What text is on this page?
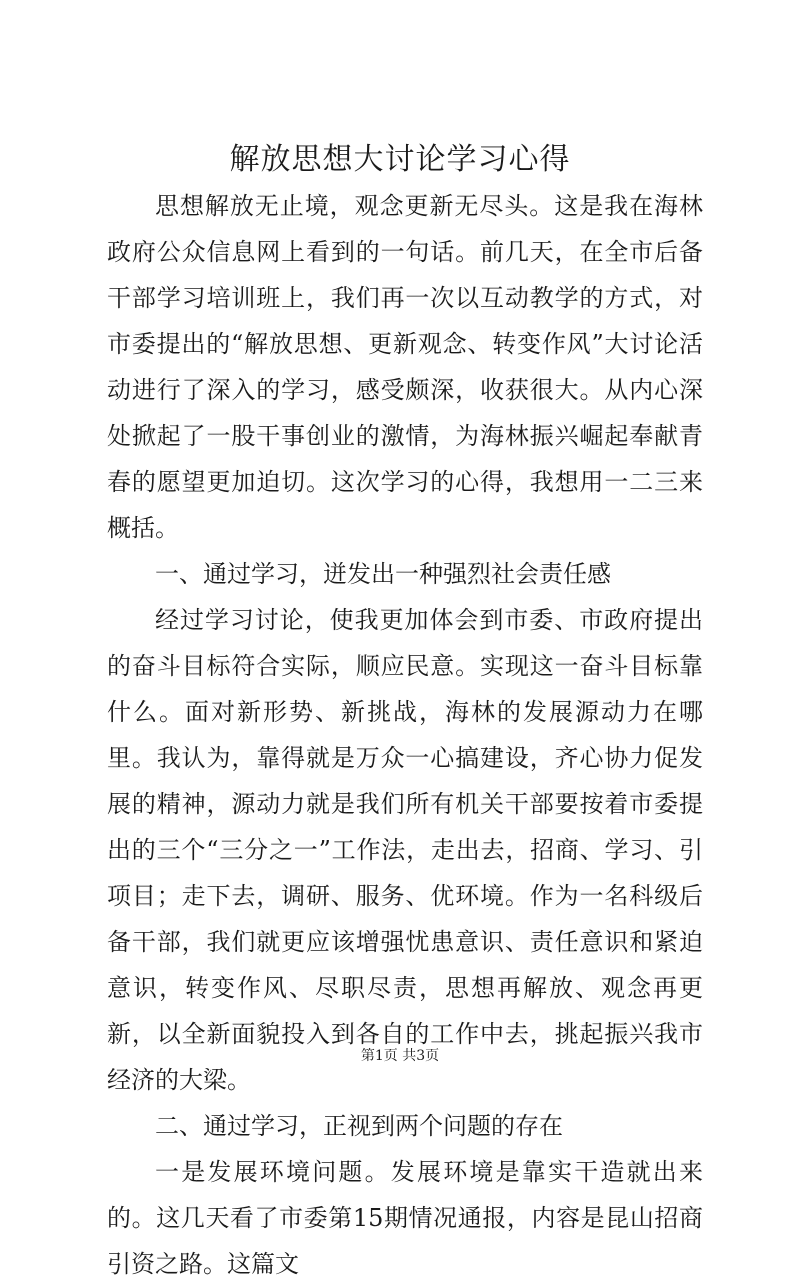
解放思想大讨论学习心得

思想解放无止境，观念更新无尽头。这是我在海林政府公众信息网上看到的一句话。前几天，在全市后备干部学习培训班上，我们再一次以互动教学的方式，对市委提出的“解放思想、更新观念、转变作风”大讨论活动进行了深入的学习，感受颇深，收获很大。从内心深处掀起了一股干事创业的激情，为海林振兴崛起奉献青春的愿望更加迫切。这次学习的心得，我想用一二三来概括。

一、通过学习，迸发出一种强烈社会责任感

经过学习讨论，使我更加体会到市委、市政府提出的奋斗目标符合实际，顺应民意。实现这一奋斗目标靠什么。面对新形势、新挑战，海林的发展源动力在哪里。我认为，靠得就是万众一心搞建设，齐心协力促发展的精神，源动力就是我们所有机关干部要按着市委提出的三个“三分之一”工作法，走出去，招商、学习、引项目；走下去，调研、服务、优环境。作为一名科级后备干部，我们就更应该增强忧患意识、责任意识和紧迫意识，转变作风、尽职尽责，思想再解放、观念再更新，以全新面貌投入到各自的工作中去，挑起振兴我市经济的大梁。

二、通过学习，正视到两个问题的存在

一是发展环境问题。发展环境是靠实干造就出来的。这几天看了市委第15期情况通报，内容是昆山招商引资之路。这篇文

第1页 共3页
